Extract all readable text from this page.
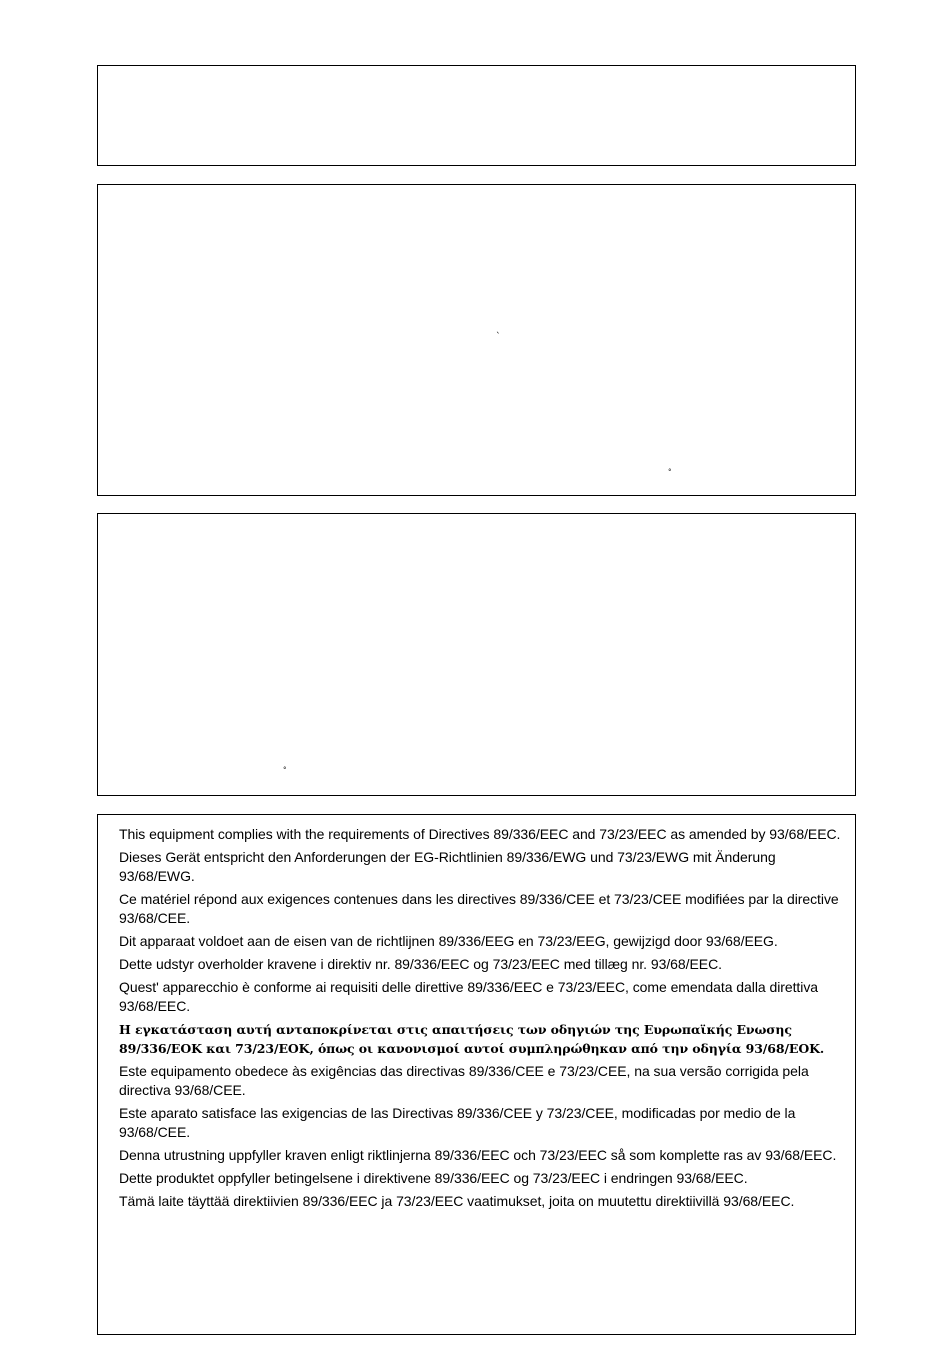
`
°
°

This equipment complies with the requirements of Directives 89/336/EEC and 73/23/EEC as amended by 93/68/EEC.

Dieses Gerät entspricht den Anforderungen der EG-Richtlinien 89/336/EWG und 73/23/EWG mit Änderung 93/68/EWG.

Ce matériel répond aux exigences contenues dans les directives 89/336/CEE et 73/23/CEE modifiées par la directive 93/68/CEE.

Dit apparaat voldoet aan de eisen van de richtlijnen 89/336/EEG en 73/23/EEG, gewijzigd door 93/68/EEG.

Dette udstyr overholder kravene i direktiv nr. 89/336/EEC og 73/23/EEC med tillæg nr. 93/68/EEC.

Quest' apparecchio è conforme ai requisiti delle direttive 89/336/EEC e 73/23/EEC, come emendata dalla direttiva 93/68/EEC.

Η εγκατάσταση αυτή ανταποκρίνεται στις απαιτήσεις των οδηγιών της Ευρωπαϊκής Ενωσης 89/336/ΕΟΚ και 73/23/ΕΟΚ, όπως οι κανονισμοί αυτοί συμπληρώθηκαν από την οδηγία 93/68/ΕΟΚ.

Este equipamento obedece às exigências das directivas 89/336/CEE e 73/23/CEE, na sua versão corrigida pela directiva 93/68/CEE.

Este aparato satisface las exigencias de las Directivas 89/336/CEE y 73/23/CEE, modificadas por medio de la 93/68/CEE.

Denna utrustning uppfyller kraven enligt riktlinjerna 89/336/EEC och 73/23/EEC så som komplette ras av 93/68/EEC.

Dette produktet oppfyller betingelsene i direktivene 89/336/EEC og 73/23/EEC i endringen 93/68/EEC.

Tämä laite täyttää direktiivien 89/336/EEC ja 73/23/EEC vaatimukset, joita on muutettu direktiivillä 93/68/EEC.
